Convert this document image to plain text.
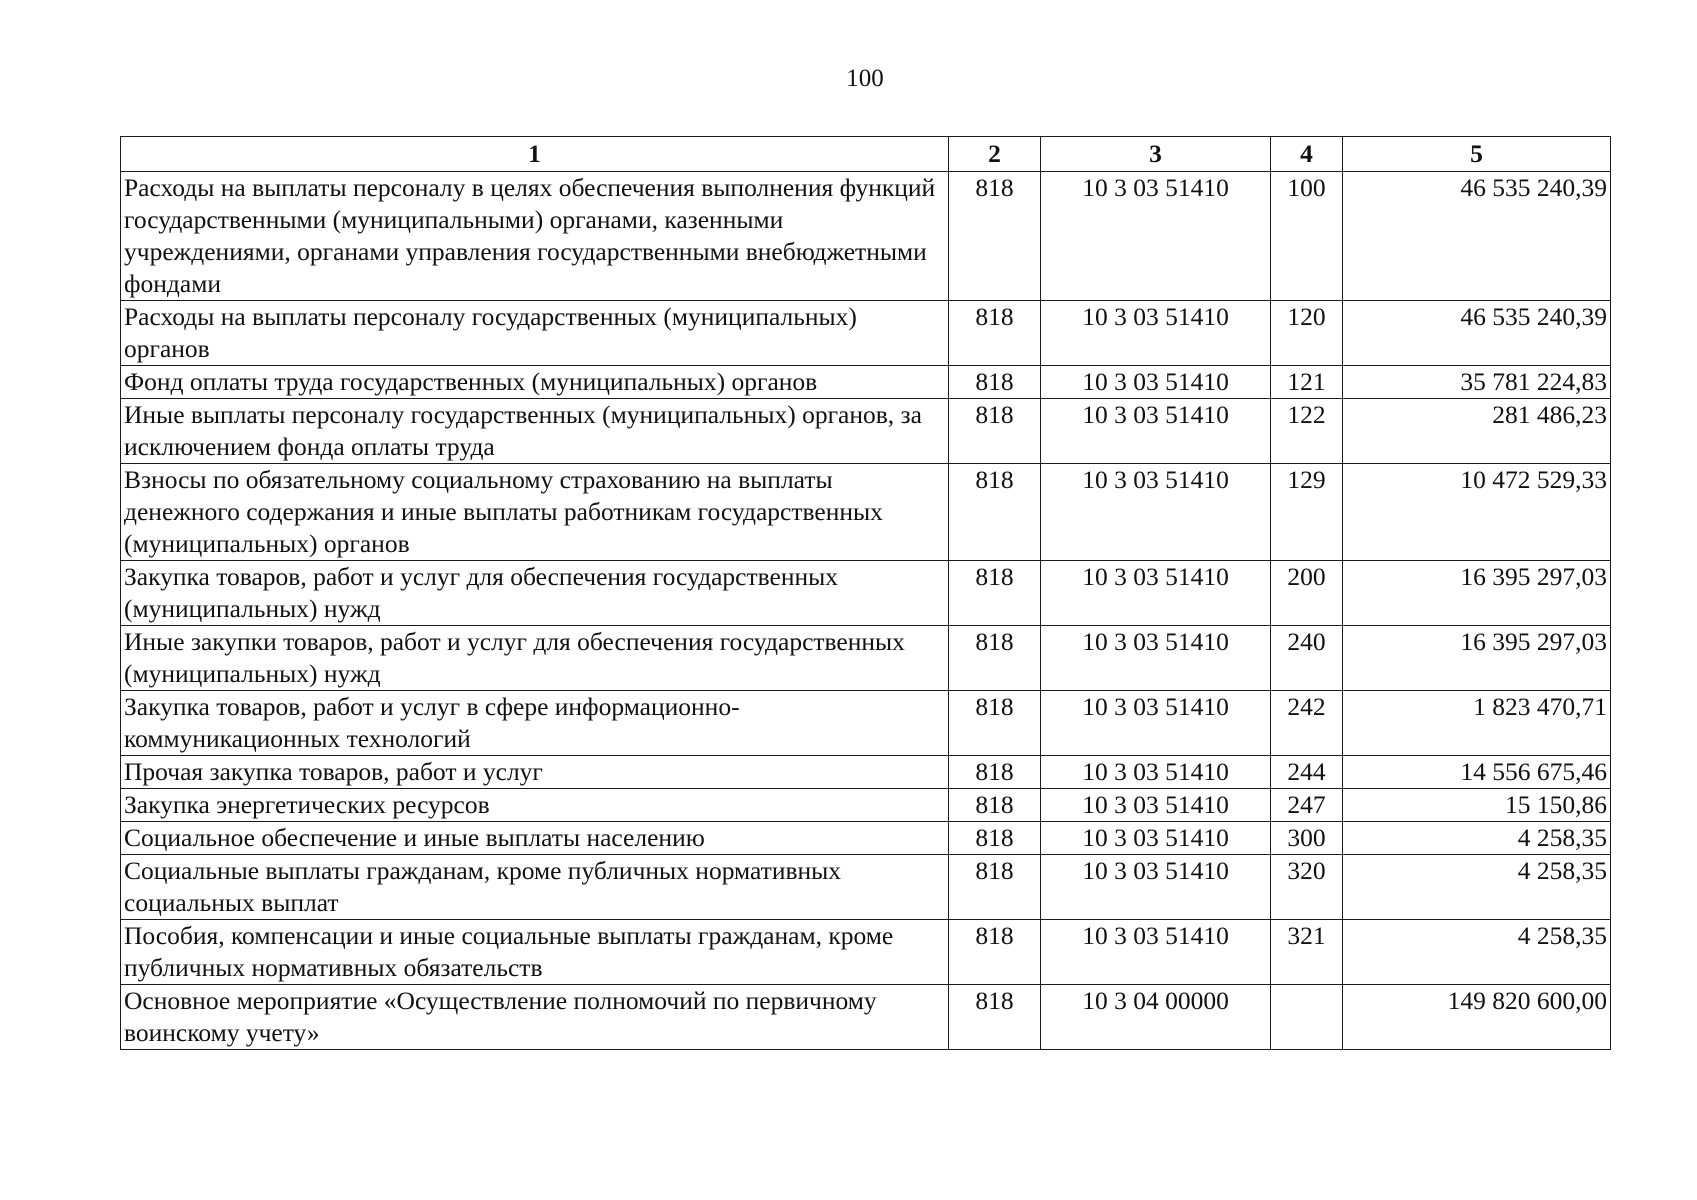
100
1	2	3	4	5
Расходы на выплаты персоналу в целях обеспечения выполнения функций государственными (муниципальными) органами, казенными учреждениями, органами управления государственными внебюджетными фондами	818	10 3 03 51410	100	46 535 240,39
Расходы на выплаты персоналу государственных (муниципальных) органов	818	10 3 03 51410	120	46 535 240,39
Фонд оплаты труда государственных (муниципальных) органов	818	10 3 03 51410	121	35 781 224,83
Иные выплаты персоналу государственных (муниципальных) органов, за исключением фонда оплаты труда	818	10 3 03 51410	122	281 486,23
Взносы по обязательному социальному страхованию на выплаты денежного содержания и иные выплаты работникам государственных (муниципальных) органов	818	10 3 03 51410	129	10 472 529,33
Закупка товаров, работ и услуг для обеспечения государственных (муниципальных) нужд	818	10 3 03 51410	200	16 395 297,03
Иные закупки товаров, работ и услуг для обеспечения государственных (муниципальных) нужд	818	10 3 03 51410	240	16 395 297,03
Закупка товаров, работ и услуг в сфере информационно-коммуникационных технологий	818	10 3 03 51410	242	1 823 470,71
Прочая закупка товаров, работ и услуг	818	10 3 03 51410	244	14 556 675,46
Закупка энергетических ресурсов	818	10 3 03 51410	247	15 150,86
Социальное обеспечение и иные выплаты населению	818	10 3 03 51410	300	4 258,35
Социальные выплаты гражданам, кроме публичных нормативных социальных выплат	818	10 3 03 51410	320	4 258,35
Пособия, компенсации и иные социальные выплаты гражданам, кроме публичных нормативных обязательств	818	10 3 03 51410	321	4 258,35
Основное мероприятие «Осуществление полномочий по первичному воинскому учету»	818	10 3 04 00000		149 820 600,00
